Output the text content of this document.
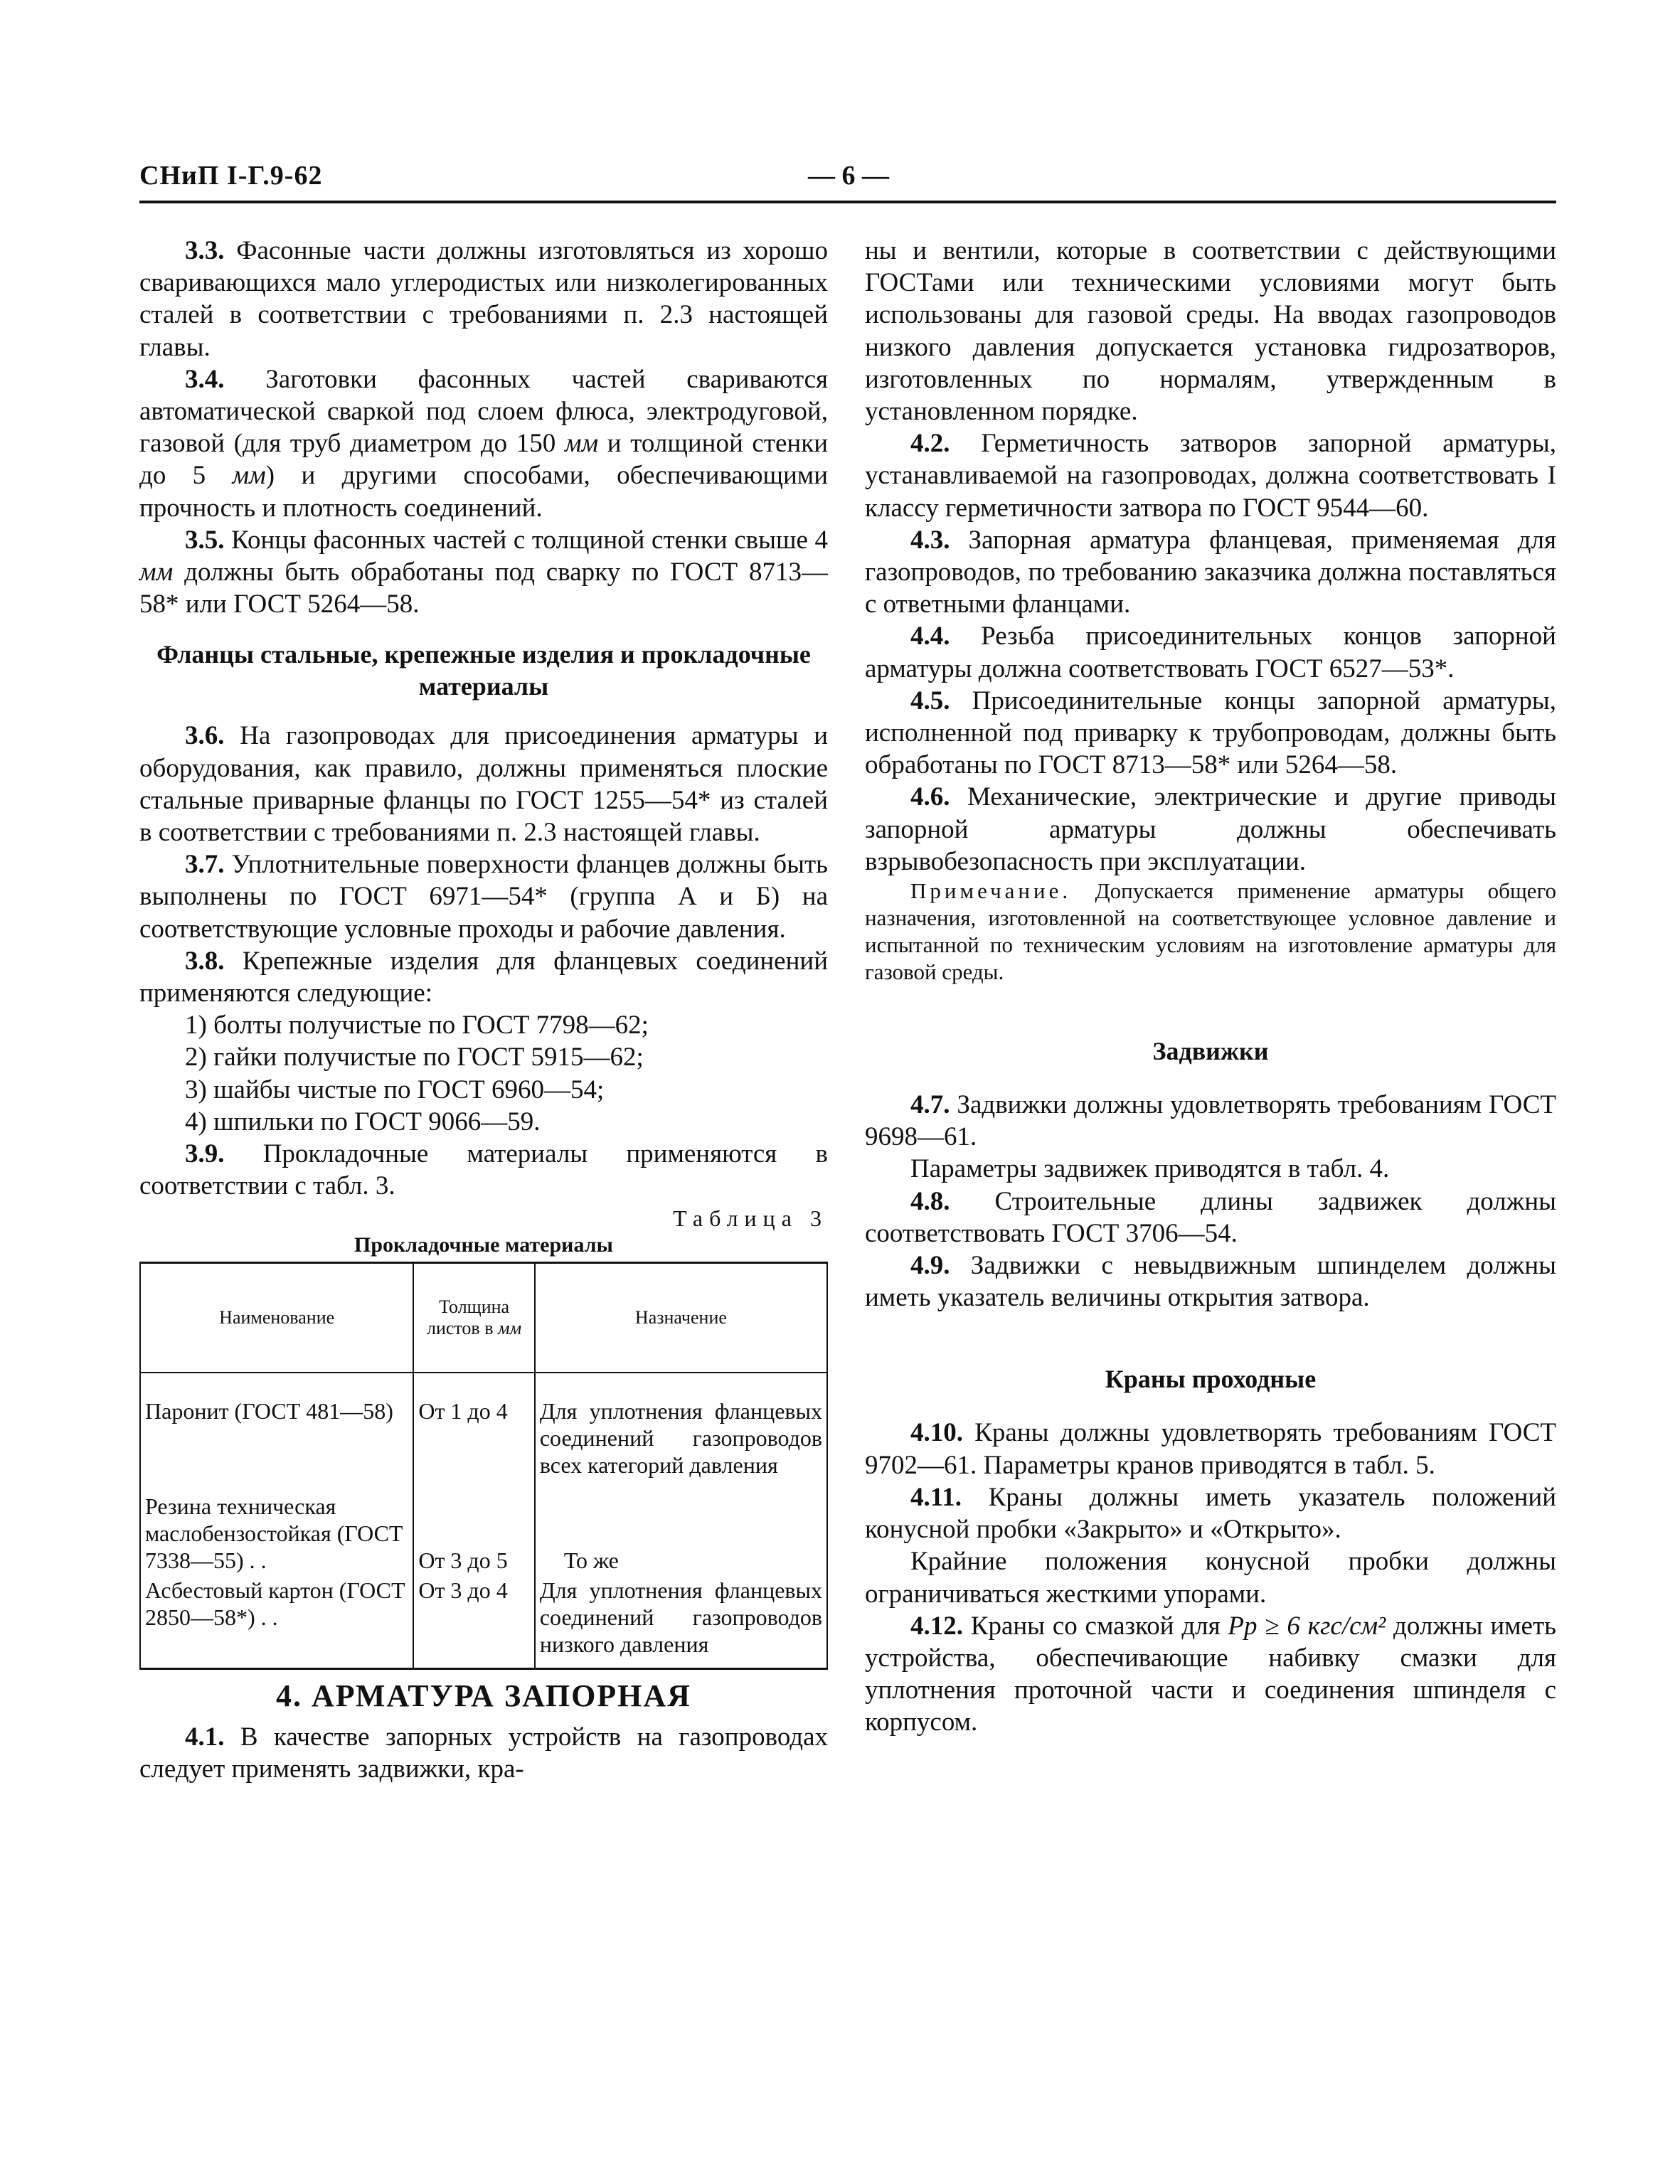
СНиП I-Г.9-62	— 6 —

3.3. Фасонные части должны изготовляться из хорошо сваривающихся мало углеродистых или низколегированных сталей в соответствии с требованиями п. 2.3 настоящей главы.

3.4. Заготовки фасонных частей свариваются автоматической сваркой под слоем флюса, электродуговой, газовой (для труб диаметром до 150 мм и толщиной стенки до 5 мм) и другими способами, обеспечивающими прочность и плотность соединений.

3.5. Концы фасонных частей с толщиной стенки свыше 4 мм должны быть обработаны под сварку по ГОСТ 8713—58* или ГОСТ 5264—58.

Фланцы стальные, крепежные изделия и прокладочные материалы

3.6. На газопроводах для присоединения арматуры и оборудования, как правило, должны применяться плоские стальные приварные фланцы по ГОСТ 1255—54* из сталей в соответствии с требованиями п. 2.3 настоящей главы.

3.7. Уплотнительные поверхности фланцев должны быть выполнены по ГОСТ 6971—54* (группа А и Б) на соответствующие условные проходы и рабочие давления.

3.8. Крепежные изделия для фланцевых соединений применяются следующие:

1) болты получистые по ГОСТ 7798—62;

2) гайки получистые по ГОСТ 5915—62;

3) шайбы чистые по ГОСТ 6960—54;

4) шпильки по ГОСТ 9066—59.

3.9. Прокладочные материалы применяются в соответствии с табл. 3.

Таблица 3
Прокладочные материалы
Наименование	Толщина листов в мм	Назначение
Паронит (ГОСТ 481—58)	От 1 до 4	Для уплотнения фланцевых соединений газопроводов всех категорий давления
Резина техническая маслобензостойкая (ГОСТ 7338—55) . .	От 3 до 5	То же
Асбестовый картон (ГОСТ 2850—58*) . .	От 3 до 4	Для уплотнения фланцевых соединений газопроводов низкого давления
4. АРМАТУРА ЗАПОРНАЯ

4.1. В качестве запорных устройств на газопроводах следует применять задвижки, кра-

ны и вентили, которые в соответствии с действующими ГОСТами или техническими условиями могут быть использованы для газовой среды. На вводах газопроводов низкого давления допускается установка гидрозатворов, изготовленных по нормалям, утвержденным в установленном порядке.

4.2. Герметичность затворов запорной арматуры, устанавливаемой на газопроводах, должна соответствовать I классу герметичности затвора по ГОСТ 9544—60.

4.3. Запорная арматура фланцевая, применяемая для газопроводов, по требованию заказчика должна поставляться с ответными фланцами.

4.4. Резьба присоединительных концов запорной арматуры должна соответствовать ГОСТ 6527—53*.

4.5. Присоединительные концы запорной арматуры, исполненной под приварку к трубопроводам, должны быть обработаны по ГОСТ 8713—58* или 5264—58.

4.6. Механические, электрические и другие приводы запорной арматуры должны обеспечивать взрывобезопасность при эксплуатации.

Примечание. Допускается применение арматуры общего назначения, изготовленной на соответствующее условное давление и испытанной по техническим условиям на изготовление арматуры для газовой среды.

Задвижки

4.7. Задвижки должны удовлетворять требованиям ГОСТ 9698—61.

Параметры задвижек приводятся в табл. 4.

4.8. Строительные длины задвижек должны соответствовать ГОСТ 3706—54.

4.9. Задвижки с невыдвижным шпинделем должны иметь указатель величины открытия затвора.

Краны проходные

4.10. Краны должны удовлетворять требованиям ГОСТ 9702—61. Параметры кранов приводятся в табл. 5.

4.11. Краны должны иметь указатель положений конусной пробки «Закрыто» и «Открыто».

Крайние положения конусной пробки должны ограничиваться жесткими упорами.

4.12. Краны со смазкой для Pр ≥ 6 кгс/см² должны иметь устройства, обеспечивающие набивку смазки для уплотнения проточной части и соединения шпинделя с корпусом.
